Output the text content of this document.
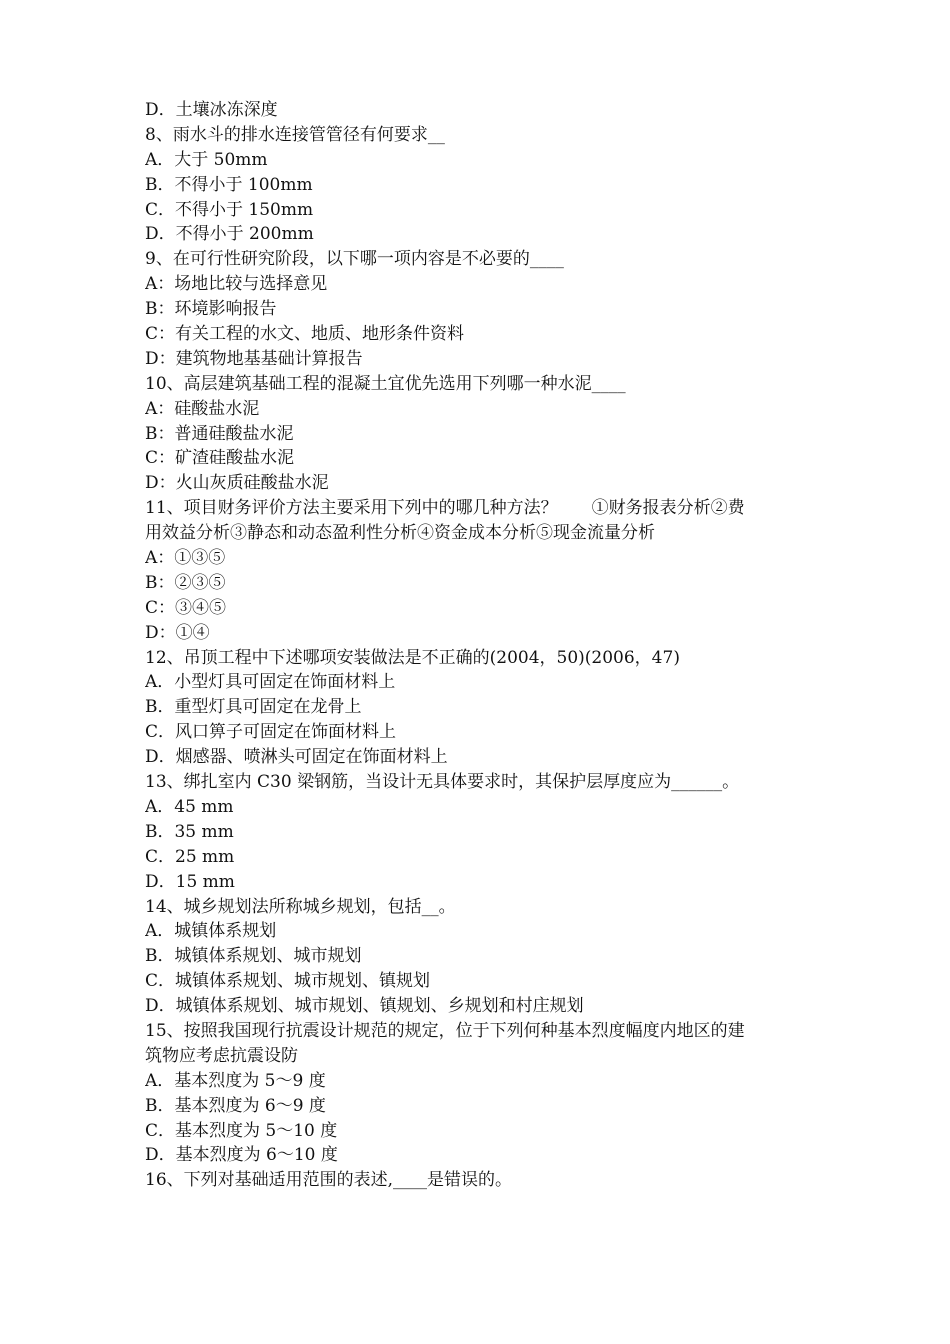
D．土壤冰冻深度
8、雨水斗的排水连接管管径有何要求__
A．大于 50mm
B．不得小于 100mm
C．不得小于 150mm
D．不得小于 200mm
9、在可行性研究阶段，以下哪一项内容是不必要的____
A：场地比较与选择意见
B：环境影响报告
C：有关工程的水文、地质、地形条件资料
D：建筑物地基基础计算报告
10、高层建筑基础工程的混凝土宜优先选用下列哪一种水泥____
A：硅酸盐水泥
B：普通硅酸盐水泥
C：矿渣硅酸盐水泥
D：火山灰质硅酸盐水泥
11、项目财务评价方法主要采用下列中的哪几种方法？　　①财务报表分析②费
用效益分析③静态和动态盈利性分析④资金成本分析⑤现金流量分析
A：①③⑤
B：②③⑤
C：③④⑤
D：①④
12、吊顶工程中下述哪项安装做法是不正确的(2004，50)(2006，47)
A．小型灯具可固定在饰面材料上
B．重型灯具可固定在龙骨上
C．风口箅子可固定在饰面材料上
D．烟感器、喷淋头可固定在饰面材料上
13、绑扎室内 C30 梁钢筋，当设计无具体要求时，其保护层厚度应为______。
A．45 mm
B．35 mm
C．25 mm
D．15 mm
14、城乡规划法所称城乡规划，包括__。
A．城镇体系规划
B．城镇体系规划、城市规划
C．城镇体系规划、城市规划、镇规划
D．城镇体系规划、城市规划、镇规划、乡规划和村庄规划
15、按照我国现行抗震设计规范的规定，位于下列何种基本烈度幅度内地区的建
筑物应考虑抗震设防
A．基本烈度为 5～9 度
B．基本烈度为 6～9 度
C．基本烈度为 5～10 度
D．基本烈度为 6～10 度
16、下列对基础适用范围的表述,____是错误的。
